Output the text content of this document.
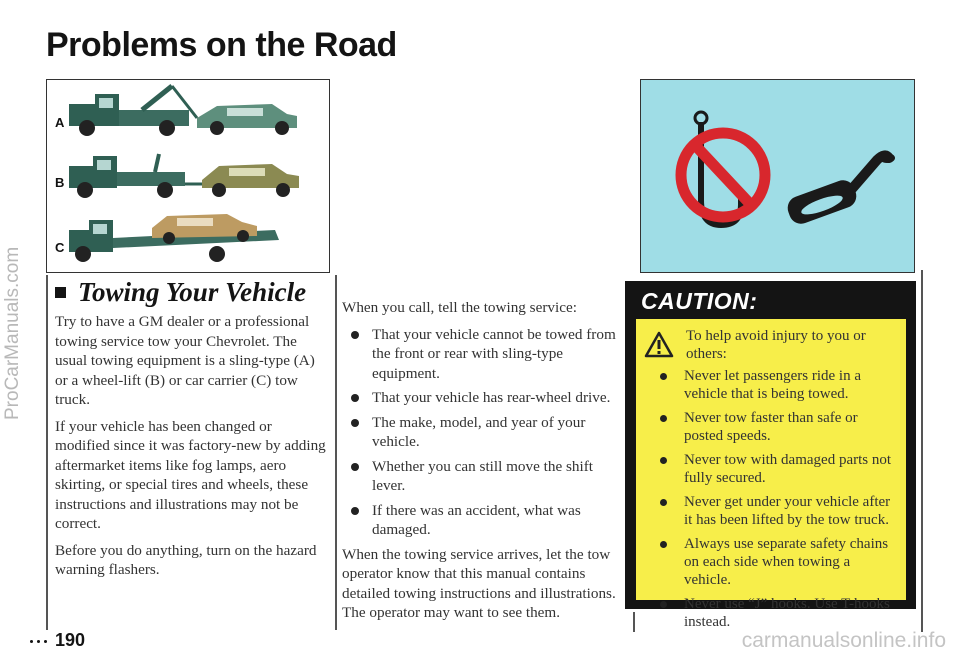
Problems on the Road
ProCarManuals.com
A
B
C
Towing Your Vehicle

Try to have a GM dealer or a professional towing service tow your Chevrolet. The usual towing equipment is a sling-type (A) or a wheel-lift (B) or car carrier (C) tow truck.

If your vehicle has been changed or modified since it was factory-new by adding aftermarket items like fog lamps, aero skirting, or special tires and wheels, these instructions and illustrations may not be correct.

Before you do anything, turn on the hazard warning flashers.

When you call, tell the towing service:

That your vehicle cannot be towed from the front or rear with sling-type equipment.
That your vehicle has rear-wheel drive.
The make, model, and year of your vehicle.
Whether you can still move the shift lever.
If there was an accident, what was damaged.

When the towing service arrives, let the tow operator know that this manual contains detailed towing instructions and illustrations. The operator may want to see them.

CAUTION:
To help avoid injury to you or others:
Never let passengers ride in a vehicle that is being towed.
Never tow faster than safe or posted speeds.
Never tow with damaged parts not fully secured.
Never get under your vehicle after it has been lifted by the tow truck.
Always use separate safety chains on each side when towing a vehicle.
Never use “J” hooks. Use T-hooks instead.
190	carmanualsonline.info
